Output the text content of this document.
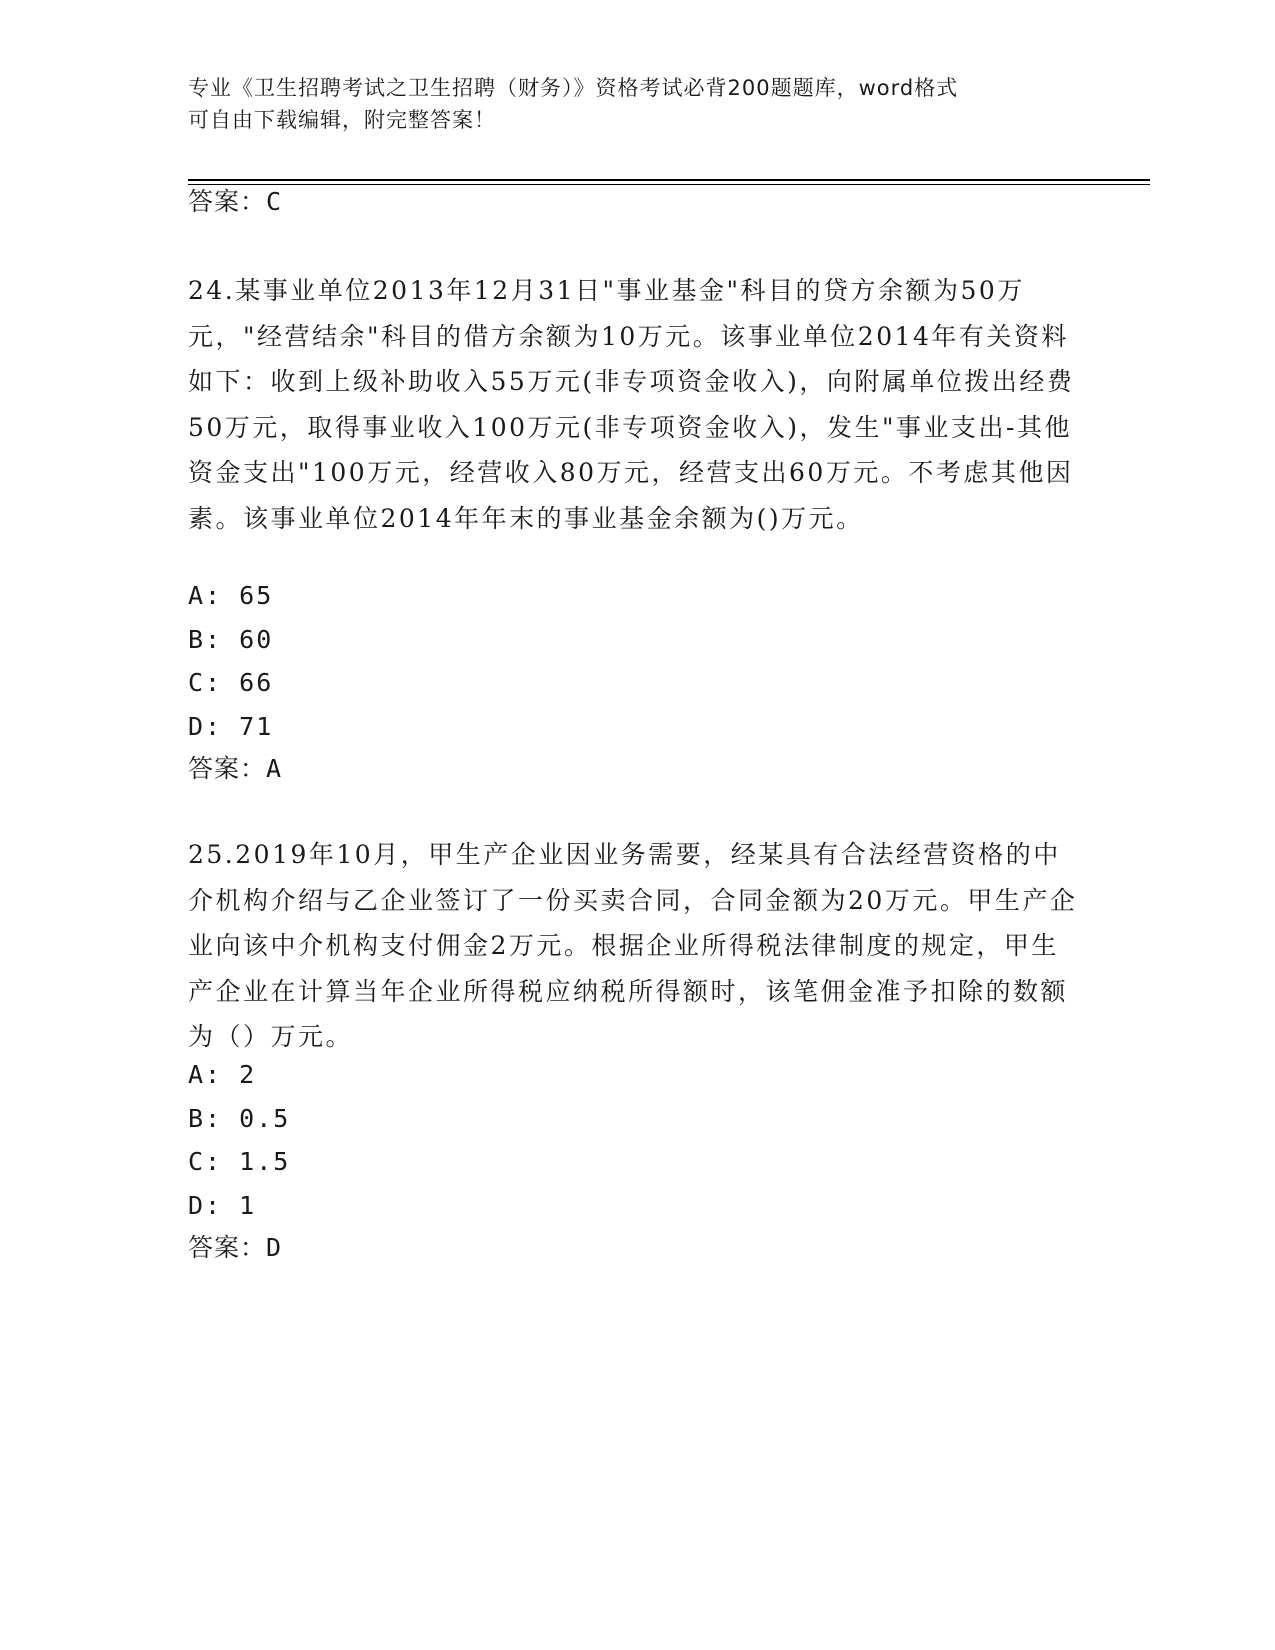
专业《卫生招聘考试之卫生招聘（财务）》资格考试必背200题题库，word格式
可自由下载编辑，附完整答案！
答案：C
24.某事业单位2013年12月31日"事业基金"科目的贷方余额为50万元，"经营结余"科目的借方余额为10万元。该事业单位2014年有关资料如下：收到上级补助收入55万元(非专项资金收入)，向附属单位拨出经费50万元，取得事业收入100万元(非专项资金收入)，发生"事业支出-其他资金支出"100万元，经营收入80万元，经营支出60万元。不考虑其他因素。该事业单位2014年年末的事业基金余额为()万元。
A: 65
B: 60
C: 66
D: 71
答案：A
25.2019年10月，甲生产企业因业务需要，经某具有合法经营资格的中介机构介绍与乙企业签订了一份买卖合同，合同金额为20万元。甲生产企业向该中介机构支付佣金2万元。根据企业所得税法律制度的规定，甲生产企业在计算当年企业所得税应纳税所得额时，该笔佣金准予扣除的数额为（）万元。
A: 2
B: 0.5
C: 1.5
D: 1
答案：D
